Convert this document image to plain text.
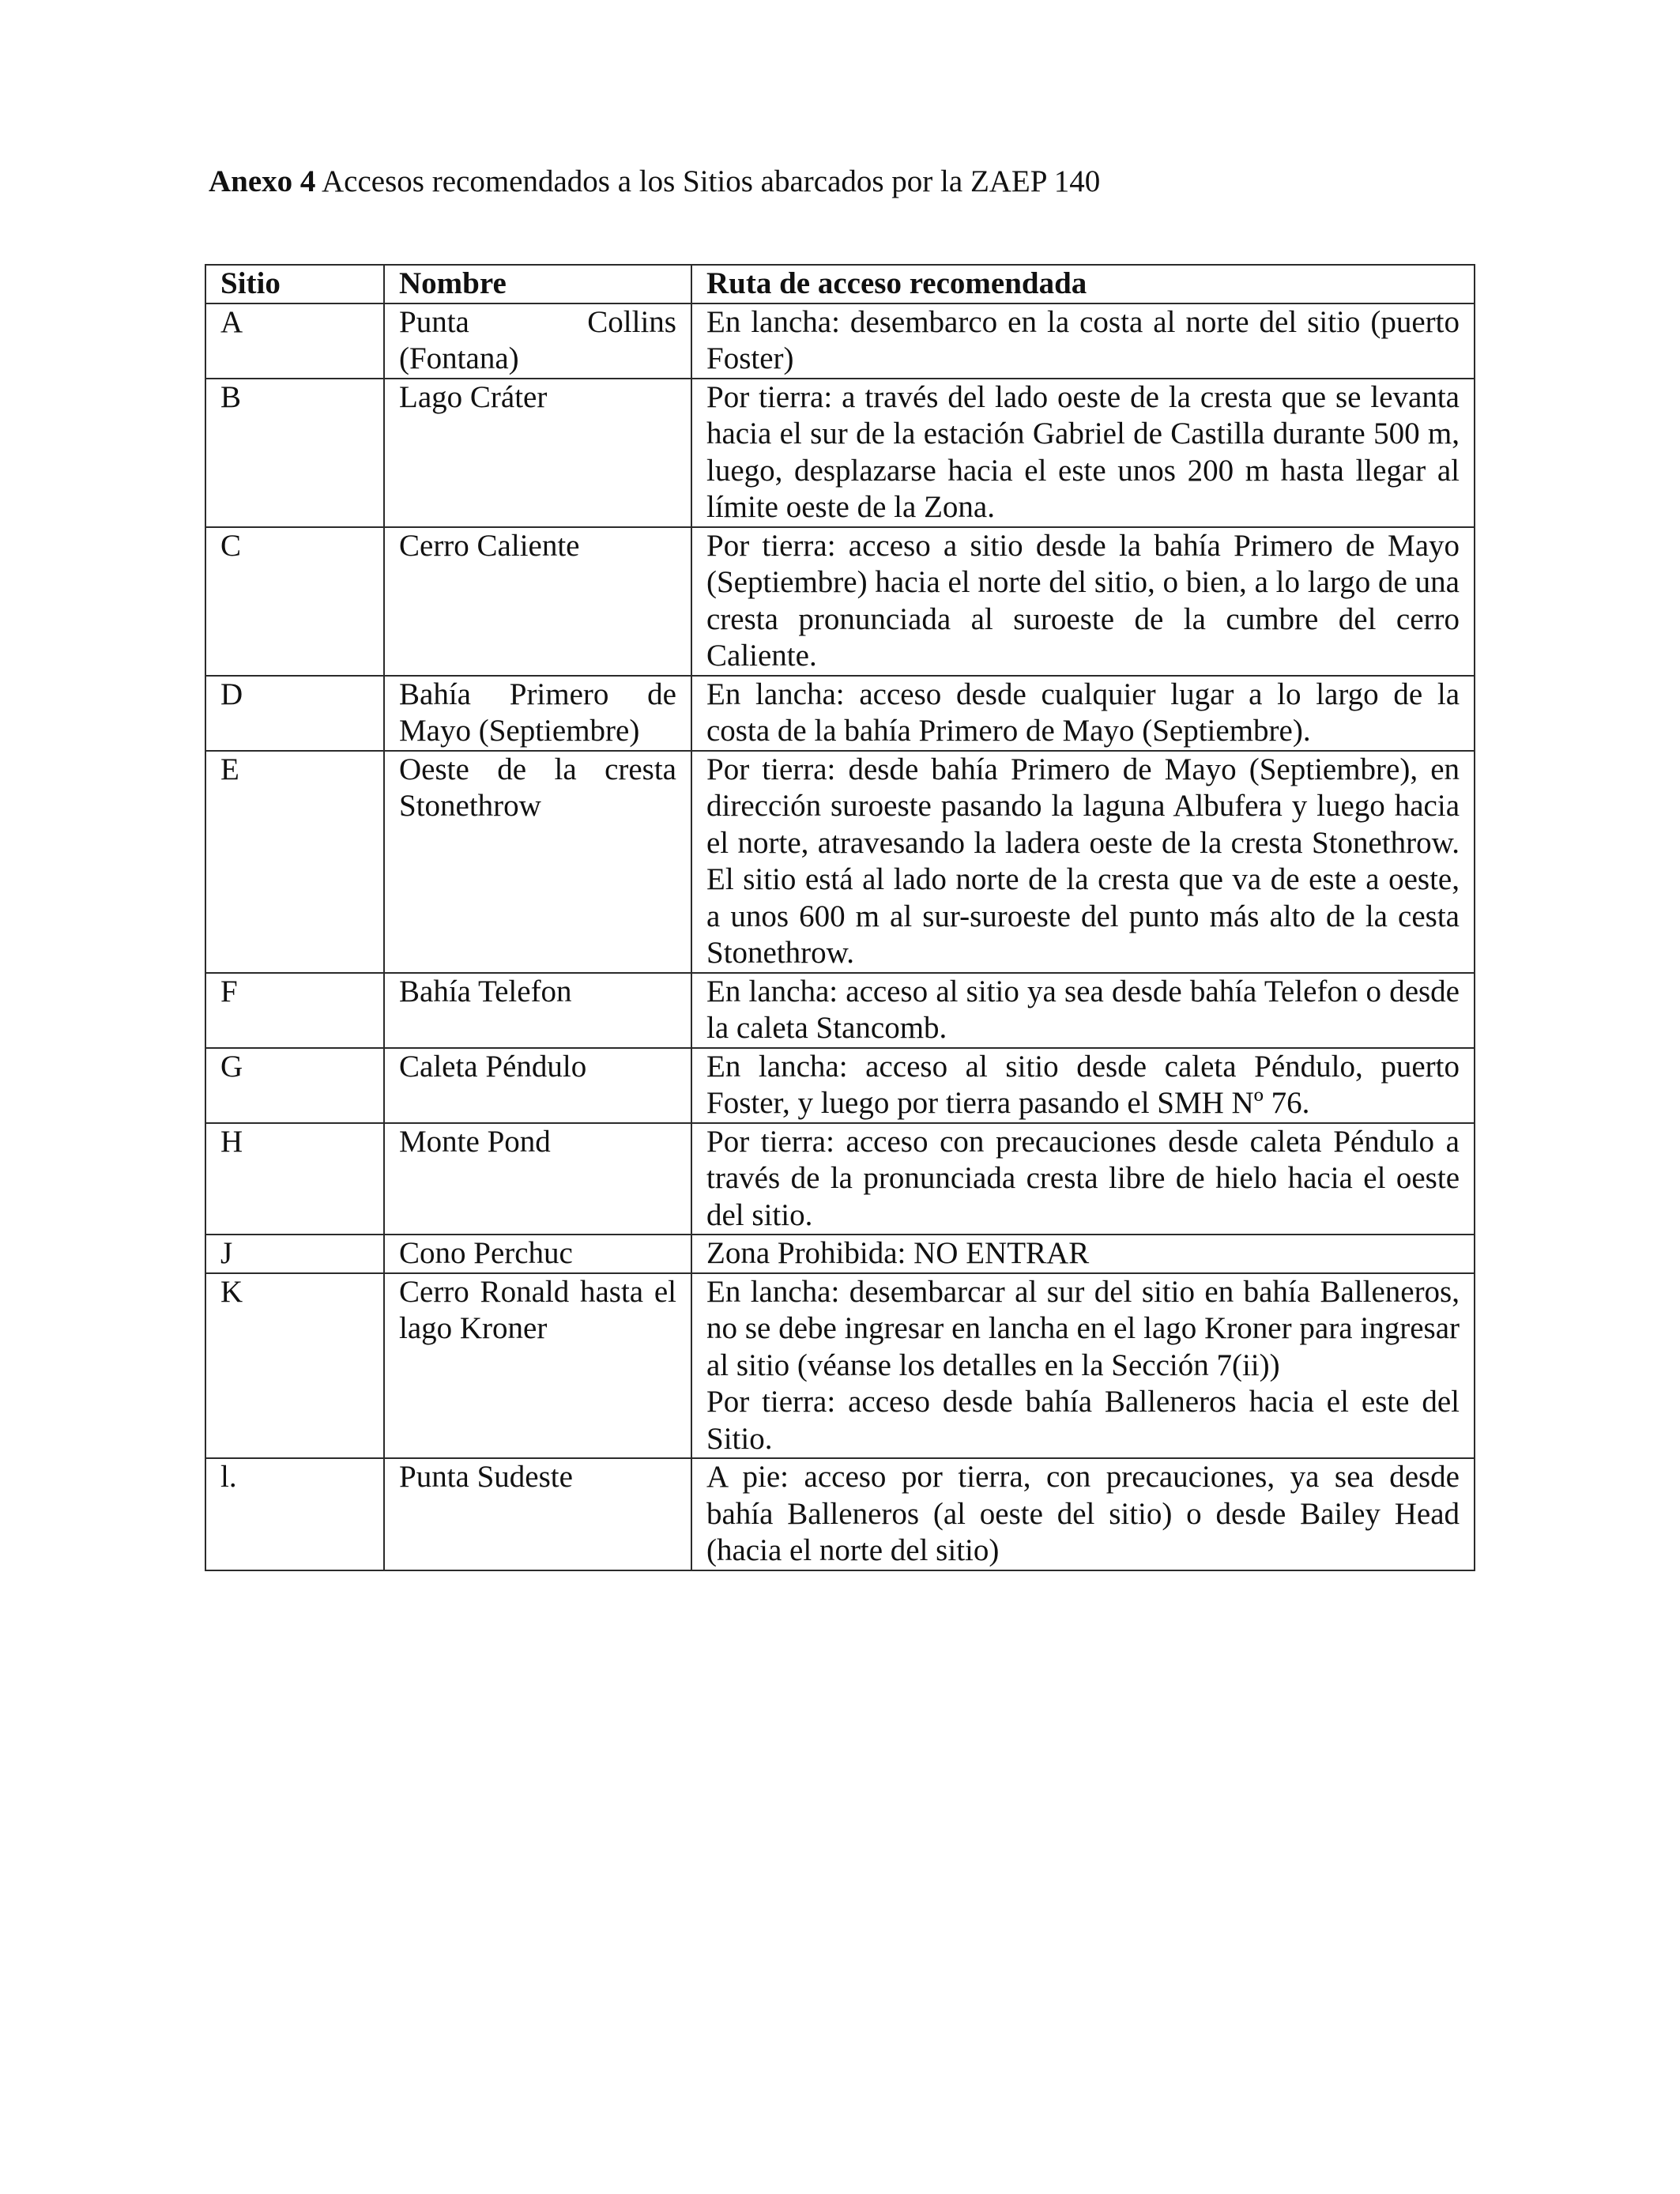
Anexo 4 Accesos recomendados a los Sitios abarcados por la ZAEP 140
Sitio	Nombre	Ruta de acceso recomendada
A	Punta Collins (Fontana)	En lancha: desembarco en la costa al norte del sitio (puerto Foster)
B	Lago Cráter	Por tierra: a través del lado oeste de la cresta que se levanta hacia el sur de la estación Gabriel de Castilla durante 500 m, luego, desplazarse hacia el este unos 200 m hasta llegar al límite oeste de la Zona.
C	Cerro Caliente	Por tierra: acceso a sitio desde la bahía Primero de Mayo (Septiembre) hacia el norte del sitio, o bien, a lo largo de una cresta pronunciada al suroeste de la cumbre del cerro Caliente.
D	Bahía Primero de Mayo (Septiembre)	En lancha: acceso desde cualquier lugar a lo largo de la costa de la bahía Primero de Mayo (Septiembre).
E	Oeste de la cresta Stonethrow	Por tierra: desde bahía Primero de Mayo (Septiembre), en dirección suroeste pasando la laguna Albufera y luego hacia el norte, atravesando la ladera oeste de la cresta Stonethrow. El sitio está al lado norte de la cresta que va de este a oeste, a unos 600 m al sur-suroeste del punto más alto de la cesta Stonethrow.
F	Bahía Telefon	En lancha: acceso al sitio ya sea desde bahía Telefon o desde la caleta Stancomb.
G	Caleta Péndulo	En lancha: acceso al sitio desde caleta Péndulo, puerto Foster, y luego por tierra pasando el SMH Nº 76.
H	Monte Pond	Por tierra: acceso con precauciones desde caleta Péndulo a través de la pronunciada cresta libre de hielo hacia el oeste del sitio.
J	Cono Perchuc	Zona Prohibida: NO ENTRAR
K	Cerro Ronald hasta el lago Kroner	En lancha: desembarcar al sur del sitio en bahía Balleneros, no se debe ingresar en lancha en el lago Kroner para ingresar al sitio (véanse los detalles en la Sección 7(ii))
Por tierra: acceso desde bahía Balleneros hacia el este del Sitio.

l.	Punta Sudeste	A pie: acceso por tierra, con precauciones, ya sea desde bahía Balleneros (al oeste del sitio) o desde Bailey Head (hacia el norte del sitio)
